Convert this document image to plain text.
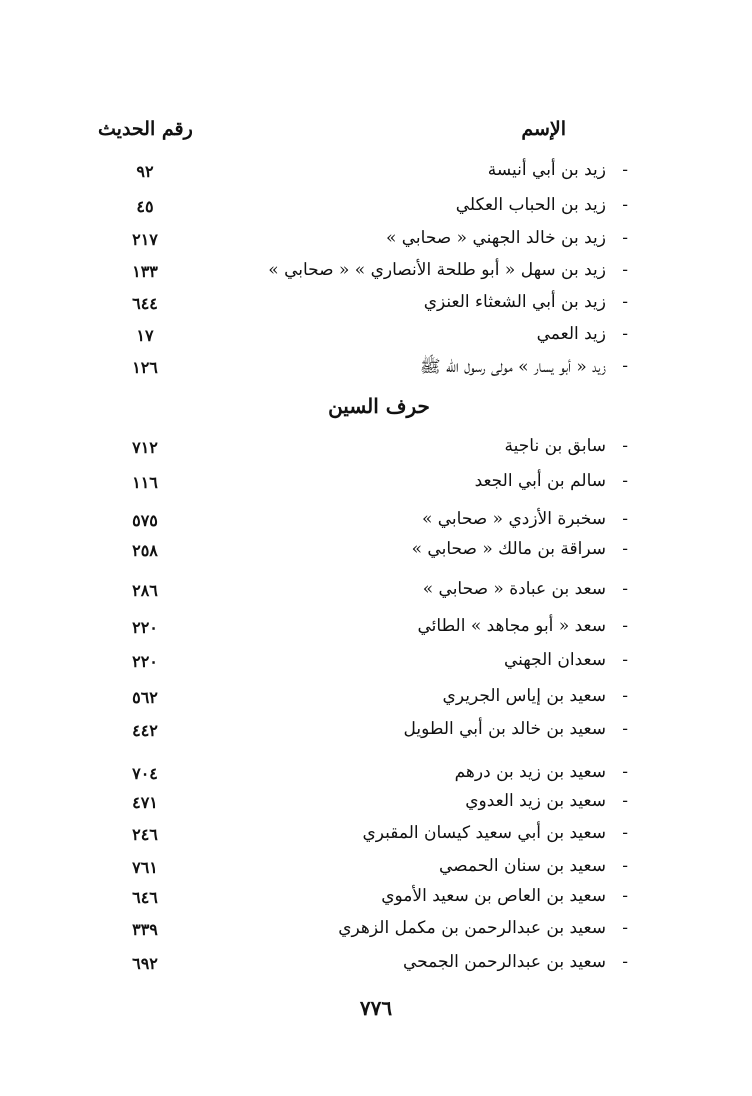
الإسم
رقم الحديث
-
زيد بن أبي أنيسة
٩٢
-
زيد بن الحباب العكلي
٤٥
-
زيد بن خالد الجهني « صحابي »
٢١٧
-
زيد بن سهل « أبو طلحة الأنصاري » « صحابي »
١٣٣
-
زيد بن أبي الشعثاء العنزي
٦٤٤
-
زيد العمي
١٧
-
زيد « أبو يسار » مولى رسول الله ﷺ
١٢٦
حرف السين
-
سابق بن ناجية
٧١٢
-
سالم بن أبي الجعد
١١٦
-
سخبرة الأزدي « صحابي »
٥٧٥
-
سراقة بن مالك « صحابي »
٢٥٨
-
سعد بن عبادة « صحابي »
٢٨٦
-
سعد « أبو مجاهد » الطائي
٢٢٠
-
سعدان الجهني
٢٢٠
-
سعيد بن إياس الجريري
٥٦٢
-
سعيد بن خالد بن أبي الطويل
٤٤٢
-
سعيد بن زيد بن درهم
٧٠٤
-
سعيد بن زيد العدوي
٤٧١
-
سعيد بن أبي سعيد كيسان المقبري
٢٤٦
-
سعيد بن سنان الحمصي
٧٦١
-
سعيد بن العاص بن سعيد الأموي
٦٤٦
-
سعيد بن عبدالرحمن بن مكمل الزهري
٣٣٩
-
سعيد بن عبدالرحمن الجمحي
٦٩٢
٧٧٦
